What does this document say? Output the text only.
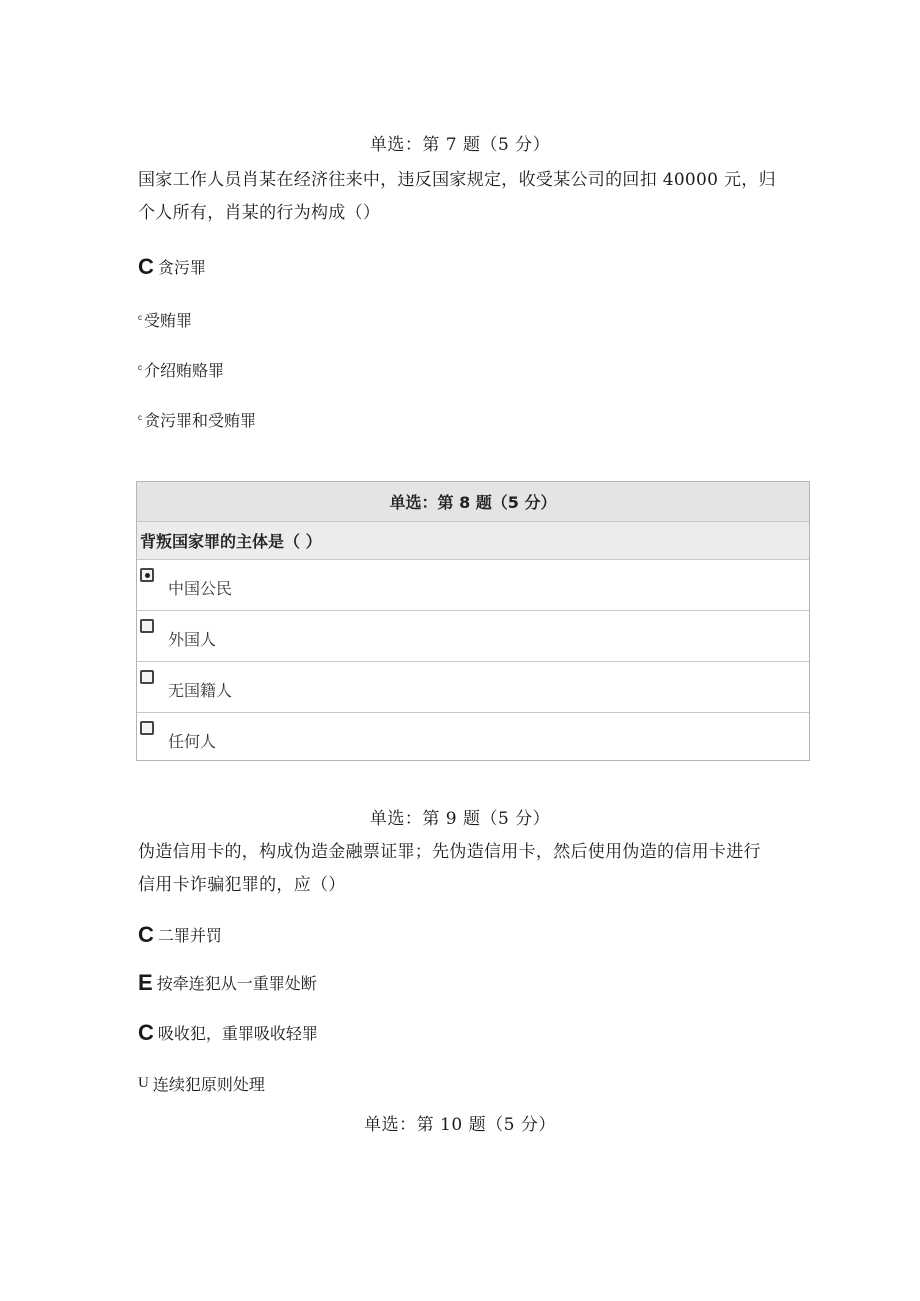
单选：第 7 题（5 分）
国家工作人员肖某在经济往来中，违反国家规定，收受某公司的回扣 40000 元，归
个人所有，肖某的行为构成（）
C 贪污罪
c 受贿罪
c 介绍贿赂罪
c 贪污罪和受贿罪
单选：第 8 题（5 分）
背叛国家罪的主体是（ ）
中国公民
外国人
无国籍人
任何人
单选：第 9 题（5 分）
伪造信用卡的，构成伪造金融票证罪；先伪造信用卡，然后使用伪造的信用卡进行
信用卡诈骗犯罪的，应（）
C 二罪并罚
E 按牵连犯从一重罪处断
C 吸收犯，重罪吸收轻罪
U 连续犯原则处理
单选：第 10 题（5 分）
